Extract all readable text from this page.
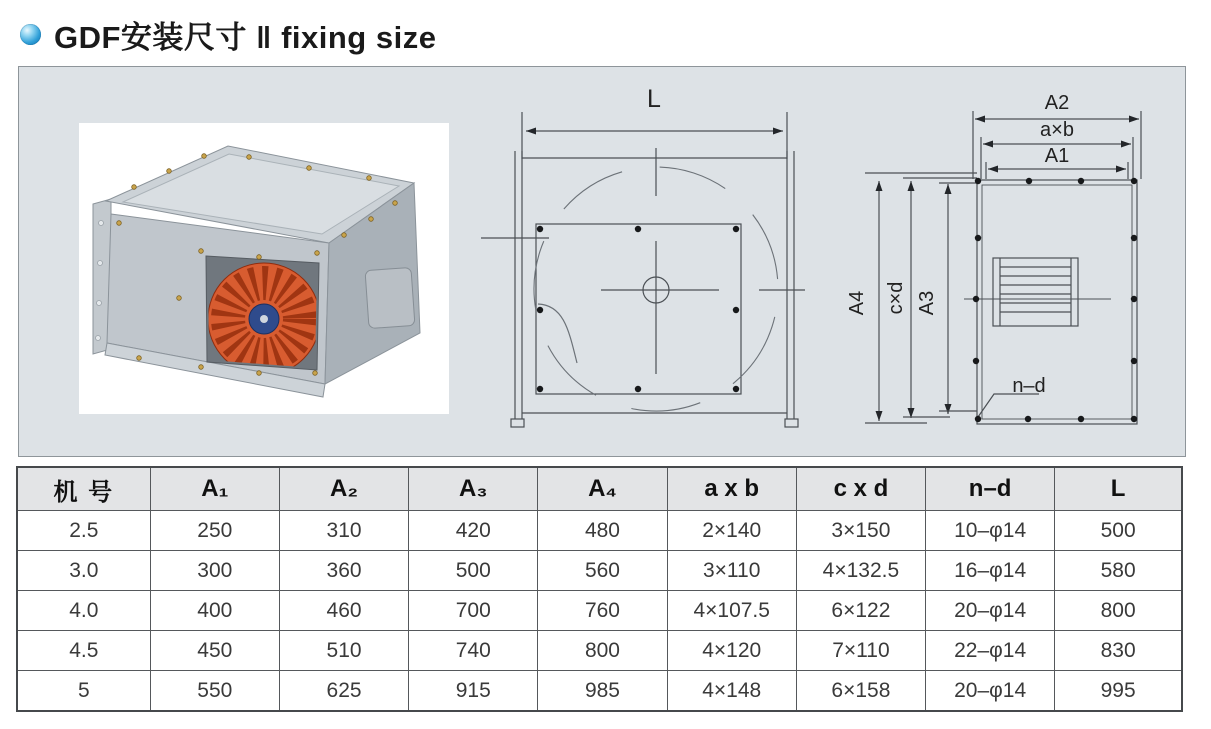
GDF安装尺寸 ‖ fixing size
L	A2
a×b
A1
A4 c×d A3
n–d
机 号	A₁	A₂	A₃	A₄	a x b	c x d	n–d	L
2.5	250	310	420	480	2×140	3×150	10–φ14	500
3.0	300	360	500	560	3×110	4×132.5	16–φ14	580
4.0	400	460	700	760	4×107.5	6×122	20–φ14	800
4.5	450	510	740	800	4×120	7×110	22–φ14	830
5	550	625	915	985	4×148	6×158	20–φ14	995
